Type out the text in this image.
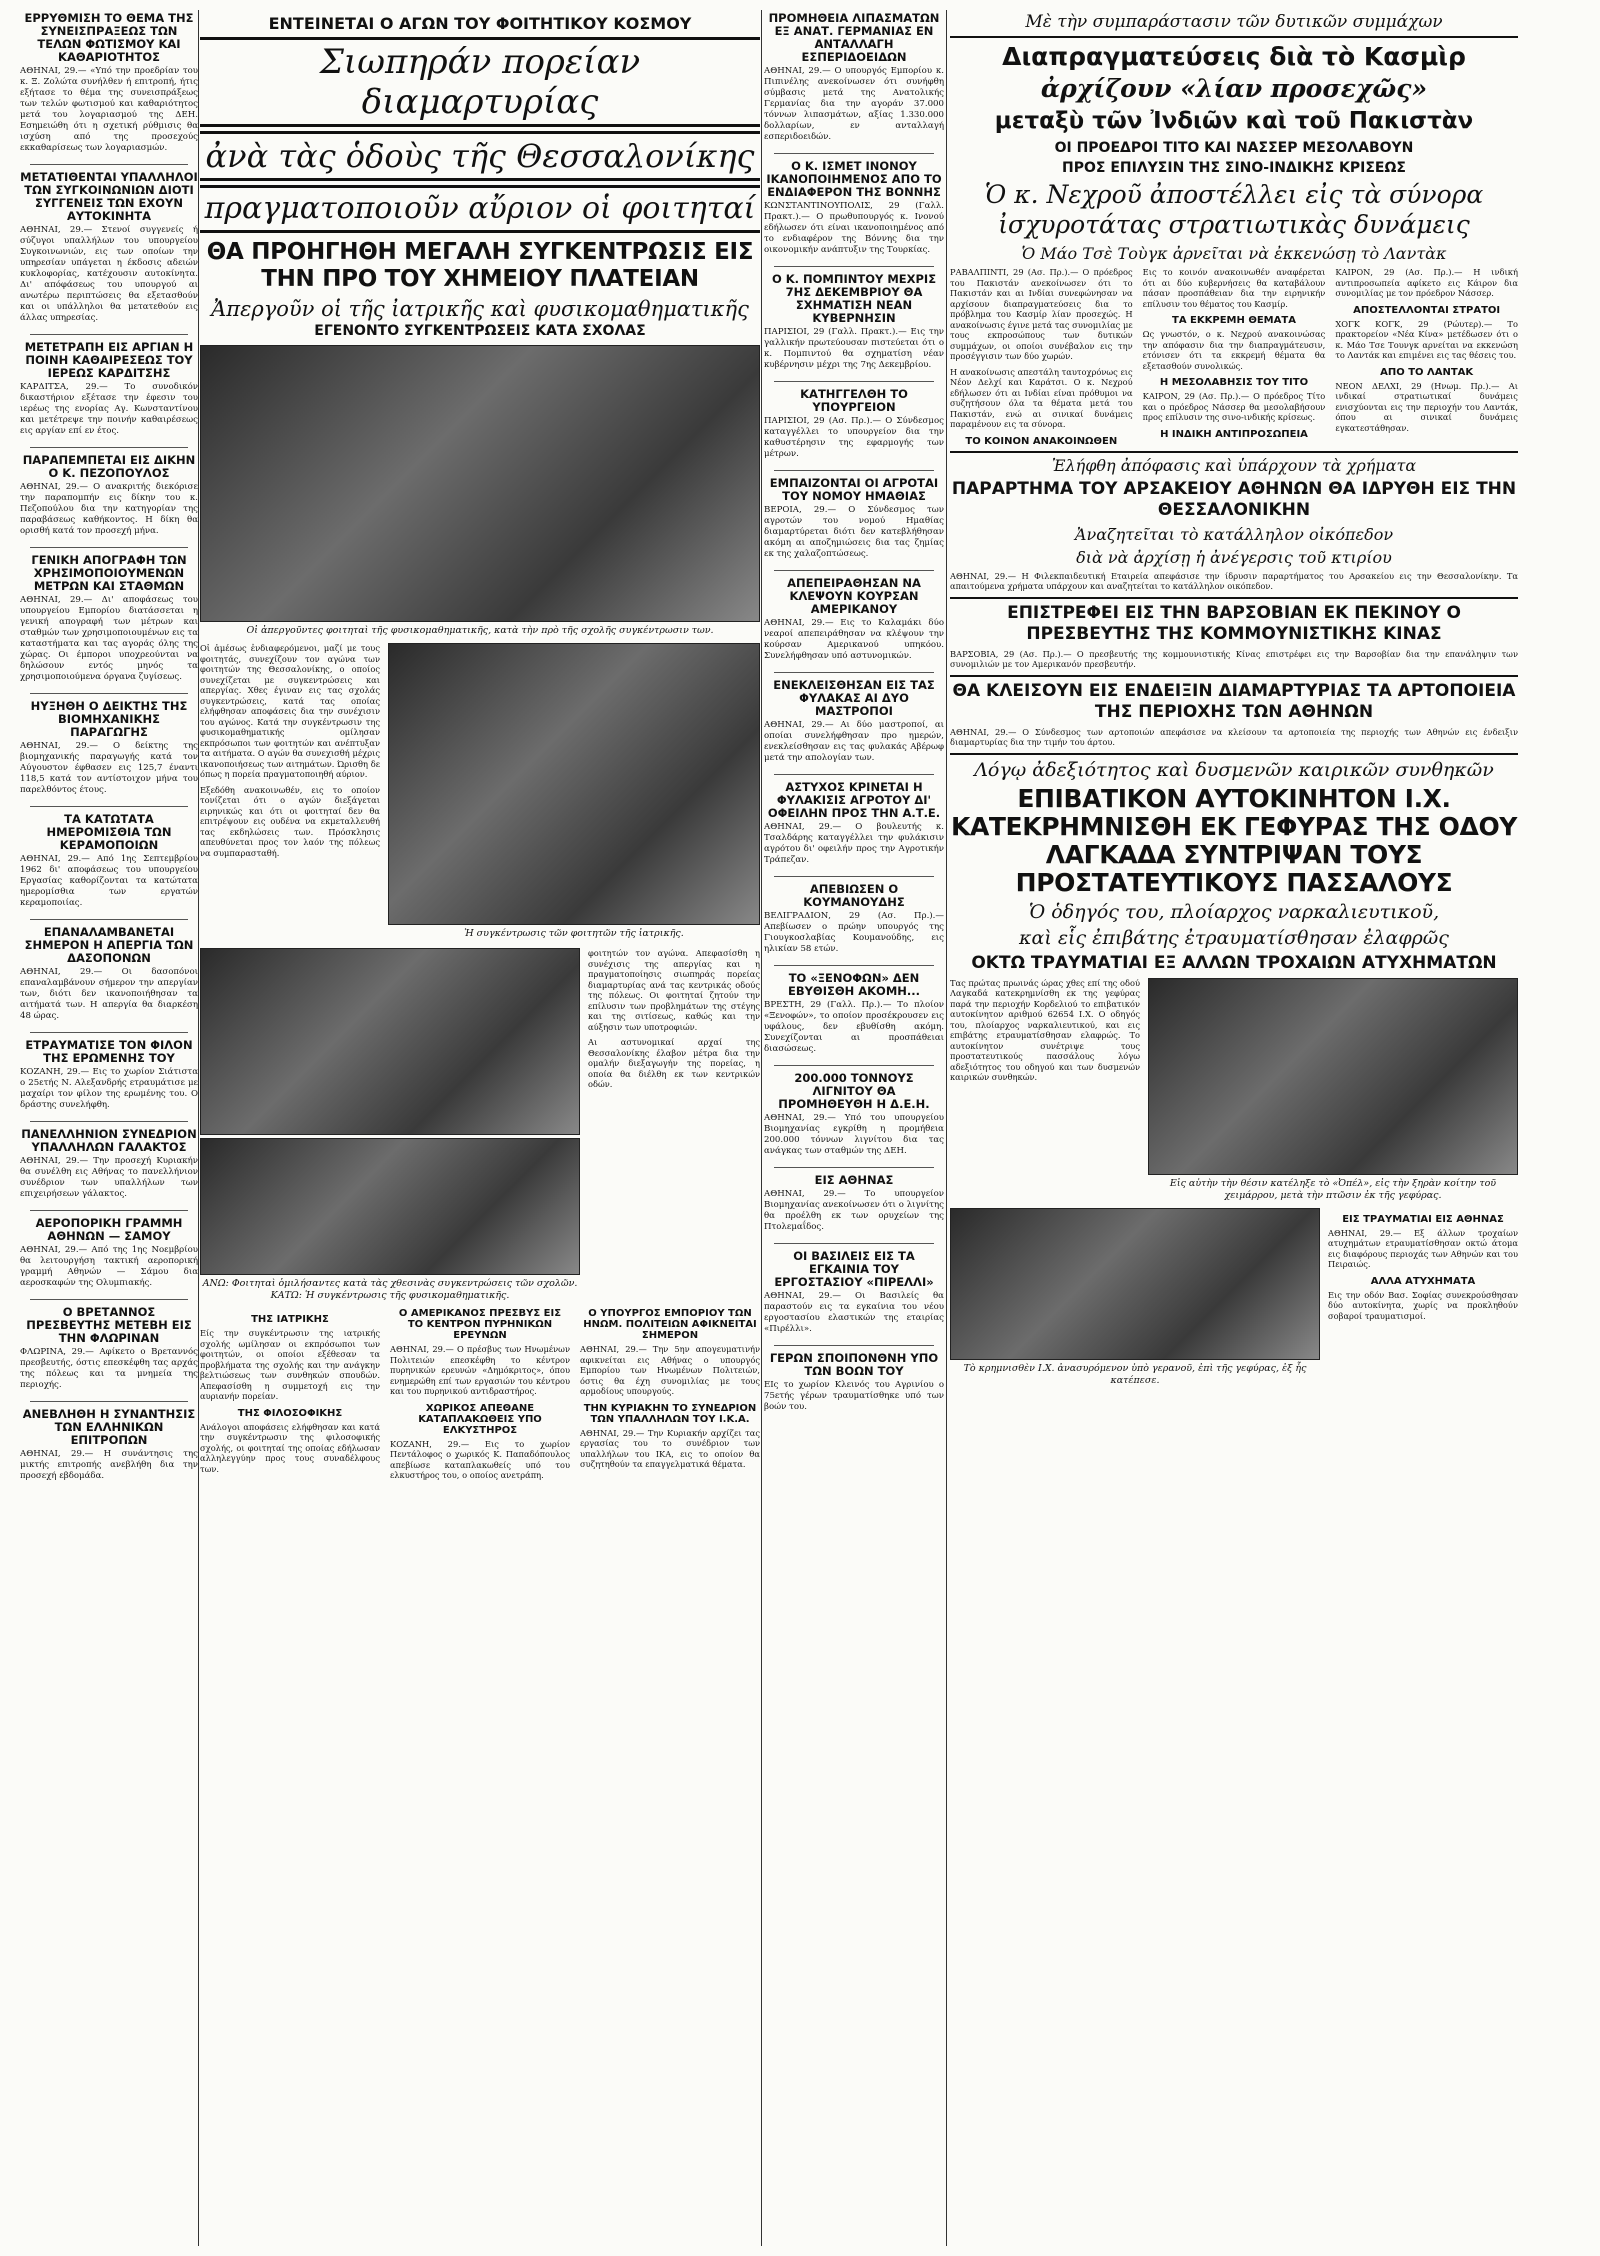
ΕΡΡΥΘΜΙΣΗ ΤΟ ΘΕΜΑ ΤΗΣ ΣΥΝΕΙΣΠΡΑΞΕΩΣ ΤΩΝ ΤΕΛΩΝ ΦΩΤΙΣΜΟΥ ΚΑΙ ΚΑΘΑΡΙΟΤΗΤΟΣ

ΑΘΗΝΑΙ, 29.— «Υπό την προεδρίαν του κ. Ξ. Ζολώτα συνήλθεν ή επιτροπή, ήτις εξήτασε το θέμα της συνεισπράξεως των τελών φωτισμού και καθαριότητος μετά του λογαριασμού της ΔΕΗ. Εσημειώθη ότι η σχετική ρύθμισις θα ισχύση από της προσεχούς εκκαθαρίσεως των λογαριασμών.

ΜΕΤΑΤΙΘΕΝΤΑΙ ΥΠΑΛΛΗΛΟΙ ΤΩΝ ΣΥΓΚΟΙΝΩΝΙΩΝ ΔΙΟΤΙ ΣΥΓΓΕΝΕΙΣ ΤΩΝ ΕΧΟΥΝ ΑΥΤΟΚΙΝΗΤΑ

ΑΘΗΝΑΙ, 29.— Στενοί συγγενείς ή σύζυγοι υπαλλήλων του υπουργείου Συγκοινωνιών, εις των οποίων την υπηρεσίαν υπάγεται η έκδοσις αδειών κυκλοφορίας, κατέχουσιν αυτοκίνητα. Δι' απόφάσεως του υπουργού αι ανωτέρω περιπτώσεις θα εξετασθούν και οι υπάλληλοι θα μετατεθούν εις άλλας υπηρεσίας.

ΜΕΤΕΤΡΑΠΗ ΕΙΣ ΑΡΓΙΑΝ Η ΠΟΙΝΗ ΚΑΘΑΙΡΕΣΕΩΣ ΤΟΥ ΙΕΡΕΩΣ ΚΑΡΔΙΤΣΗΣ

ΚΑΡΔΙΤΣΑ, 29.— Το συνοδικόν δικαστήριον εξέτασε την έφεσιν του ιερέως της ενορίας Αγ. Κωνσταντίνου και μετέτρεψε την ποινήν καθαιρέσεως εις αργίαν επί εν έτος.

ΠΑΡΑΠΕΜΠΕΤΑΙ ΕΙΣ ΔΙΚΗΝ Ο Κ. ΠΕΖΟΠΟΥΛΟΣ

ΑΘΗΝΑΙ, 29.— Ο ανακριτής διεκόρισε την παραπομπήν εις δίκην του κ. Πεζοπούλου δια την κατηγορίαν της παραβάσεως καθήκοντος. Η δίκη θα ορισθή κατά τον προσεχή μήνα.

ΓΕΝΙΚΗ ΑΠΟΓΡΑΦΗ ΤΩΝ ΧΡΗΣΙΜΟΠΟΙΟΥΜΕΝΩΝ ΜΕΤΡΩΝ ΚΑΙ ΣΤΑΘΜΩΝ

ΑΘΗΝΑΙ, 29.— Δι' αποφάσεως του υπουργείου Εμπορίου διατάσσεται η γενική απογραφή των μέτρων και σταθμών των χρησιμοποιουμένων εις τα καταστήματα και τας αγοράς όλης της χώρας. Οι έμποροι υποχρεούνται να δηλώσουν εντός μηνός τα χρησιμοποιούμενα όργανα ζυγίσεως.

ΗΥΞΗΘΗ Ο ΔΕΙΚΤΗΣ ΤΗΣ ΒΙΟΜΗΧΑΝΙΚΗΣ ΠΑΡΑΓΩΓΗΣ

ΑΘΗΝΑΙ, 29.— Ο δείκτης της βιομηχανικής παραγωγής κατά τον Αύγουστον έφθασεν εις 125,7 έναντι 118,5 κατά τον αντίστοιχον μήνα του παρελθόντος έτους.

ΤΑ ΚΑΤΩΤΑΤΑ ΗΜΕΡΟΜΙΣΘΙΑ ΤΩΝ ΚΕΡΑΜΟΠΟΙΩΝ

ΑΘΗΝΑΙ, 29.— Από 1ης Σεπτεμβρίου 1962 δι' αποφάσεως του υπουργείου Εργασίας καθορίζονται τα κατώτατα ημερομίσθια των εργατών κεραμοποιίας.

ΕΠΑΝΑΛΑΜΒΑΝΕΤΑΙ ΣΗΜΕΡΟΝ Η ΑΠΕΡΓΙΑ ΤΩΝ ΔΑΣΟΠΟΝΩΝ

ΑΘΗΝΑΙ, 29.— Οι δασοπόνοι επαναλαμβάνουν σήμερον την απεργίαν των, διότι δεν ικανοποιήθησαν τα αιτήματά των. Η απεργία θα διαρκέση 48 ώρας.

ΕΤΡΑΥΜΑΤΙΣΕ ΤΟΝ ΦΙΛΟΝ ΤΗΣ ΕΡΩΜΕΝΗΣ ΤΟΥ

ΚΟΖΑΝΗ, 29.— Εις το χωρίον Σιάτιστα ο 25ετής Ν. Αλεξανδρής ετραυμάτισε με μαχαίρι τον φίλον της ερωμένης του. Ο δράστης συνελήφθη.

ΠΑΝΕΛΛΗΝΙΟΝ ΣΥΝΕΔΡΙΟΝ ΥΠΑΛΛΗΛΩΝ ΓΑΛΑΚΤΟΣ

ΑΘΗΝΑΙ, 29.— Την προσεχή Κυριακήν θα συνέλθη εις Αθήνας το πανελλήνιον συνέδριον των υπαλλήλων των επιχειρήσεων γάλακτος.

ΑΕΡΟΠΟΡΙΚΗ ΓΡΑΜΜΗ ΑΘΗΝΩΝ — ΣΑΜΟΥ

ΑΘΗΝΑΙ, 29.— Από της 1ης Νοεμβρίου θα λειτουργήση τακτική αεροπορική γραμμή Αθηνών — Σάμου δια αεροσκαφών της Ολυμπιακής.

Ο ΒΡΕΤΑΝΝΟΣ ΠΡΕΣΒΕΥΤΗΣ ΜΕΤΕΒΗ ΕΙΣ ΤΗΝ ΦΛΩΡΙΝΑΝ

ΦΛΩΡΙΝΑ, 29.— Αφίκετο ο Βρεταννός πρεσβευτής, όστις επεσκέφθη τας αρχάς της πόλεως και τα μνημεία της περιοχής.

ΑΝΕΒΛΗΘΗ Η ΣΥΝΑΝΤΗΣΙΣ ΤΩΝ ΕΛΛΗΝΙΚΩΝ ΕΠΙΤΡΟΠΩΝ

ΑΘΗΝΑΙ, 29.— Η συνάντησις της μικτής επιτροπής ανεβλήθη δια την προσεχή εβδομάδα.

ΕΝΤΕΙΝΕΤΑΙ Ο ΑΓΩΝ ΤΟΥ ΦΟΙΤΗΤΙΚΟΥ ΚΟΣΜΟΥ
Σιωπηράν πορείαν διαμαρτυρίας
ἀνὰ τὰς ὁδοὺς τῆς Θεσσαλονίκης
πραγματοποιοῦν αὔριον οἱ φοιτηταί
ΘΑ ΠΡΟΗΓΗΘΗ ΜΕΓΑΛΗ ΣΥΓΚΕΝΤΡΩΣΙΣ ΕΙΣ ΤΗΝ ΠΡΟ ΤΟΥ ΧΗΜΕΙΟΥ ΠΛΑΤΕΙΑΝ
Ἀπεργοῦν οἱ τῆς ἰατρικῆς καὶ φυσικομαθηματικῆς
ΕΓΕΝΟΝΤΟ ΣΥΓΚΕΝΤΡΩΣΕΙΣ ΚΑΤΑ ΣΧΟΛΑΣ
Οἱ ἀπεργοῦντες φοιτηταὶ τῆς φυσικομαθηματικῆς, κατὰ τὴν πρὸ τῆς σχολῆς συγκέντρωσιν των.

Οἱ ἀμέσως ἐνδιαφερόμενοι, μαζί με τους φοιτητάς, συνεχίζουν τον αγώνα των φοιτητών της Θεσσαλονίκης, ο οποίος συνεχίζεται με συγκεντρώσεις και απεργίας. Χθες έγιναν εις τας σχολάς συγκεντρώσεις, κατά τας οποίας ελήφθησαν αποφάσεις δια την συνέχισιν του αγώνος. Κατά την συγκέντρωσιν της φυσικομαθηματικής ομίλησαν εκπρόσωποι των φοιτητών και ανέπτυξαν τα αιτήματα. Ο αγών θα συνεχισθή μέχρις ικανοποιήσεως των αιτημάτων. Ώρισθη δε όπως η πορεία πραγματοποιηθή αύριον.

Εξεδόθη ανακοινωθέν, εις το οποίον τονίζεται ότι ο αγών διεξάγεται ειρηνικώς και ότι οι φοιτηταί δεν θα επιτρέψουν εις ουδένα να εκμεταλλευθή τας εκδηλώσεις των. Πρόσκλησις απευθύνεται προς τον λαόν της πόλεως να συμπαρασταθή.

Ἡ συγκέντρωσις τῶν φοιτητῶν τῆς ἰατρικῆς.
ΑΝΩ: Φοιτηταὶ ὁμιλήσαντες κατὰ τὰς χθεσινὰς συγκεντρώσεις τῶν σχολῶν. ΚΑΤΩ: Ἡ συγκέντρωσις τῆς φυσικομαθηματικῆς.

φοιτητών τον αγώνα. Απεφασίσθη η συνέχισις της απεργίας και η πραγματοποίησις σιωπηράς πορείας διαμαρτυρίας ανά τας κεντρικάς οδούς της πόλεως. Οι φοιτηταί ζητούν την επίλυσιν των προβλημάτων της στέγης και της σιτίσεως, καθώς και την αύξησιν των υποτροφιών.

Αι αστυνομικαί αρχαί της Θεσσαλονίκης έλαβον μέτρα δια την ομαλήν διεξαγωγήν της πορείας, η οποία θα διέλθη εκ των κεντρικών οδών.

ΤΗΣ ΙΑΤΡΙΚΗΣ

Είς την συγκέντρωσιν της ιατρικής σχολής ωμίλησαν οι εκπρόσωποι των φοιτητών, οι οποίοι εξέθεσαν τα προβλήματα της σχολής και την ανάγκην βελτιώσεως των συνθηκών σπουδών. Απεφασίσθη η συμμετοχή εις την αυριανήν πορείαν.

ΤΗΣ ΦΙΛΟΣΟΦΙΚΗΣ

Ανάλογοι αποφάσεις ελήφθησαν και κατά την συγκέντρωσιν της φιλοσοφικής σχολής, οι φοιτηταί της οποίας εδήλωσαν αλληλεγγύην προς τους συναδέλφους των.

Ο ΑΜΕΡΙΚΑΝΟΣ ΠΡΕΣΒΥΣ ΕΙΣ ΤΟ ΚΕΝΤΡΟΝ ΠΥΡΗΝΙΚΩΝ ΕΡΕΥΝΩΝ

ΑΘΗΝΑΙ, 29.— Ο πρέσβυς των Ηνωμένων Πολιτειών επεσκέφθη το κέντρον πυρηνικών ερευνών «Δημόκριτος», όπου ενημερώθη επί των εργασιών του κέντρου και του πυρηνικού αντιδραστήρος.

ΧΩΡΙΚΟΣ ΑΠΕΘΑΝΕ ΚΑΤΑΠΛΑΚΩΘΕΙΣ ΥΠΟ ΕΛΚΥΣΤΗΡΟΣ

ΚΟΖΑΝΗ, 29.— Εις το χωρίον Πεντάλοφος ο χωρικός Κ. Παπαδόπουλος απεβίωσε καταπλακωθείς υπό του ελκυστήρος του, ο οποίος ανετράπη.

Ο ΥΠΟΥΡΓΟΣ ΕΜΠΟΡΙΟΥ ΤΩΝ ΗΝΩΜ. ΠΟΛΙΤΕΙΩΝ ΑΦΙΚΝΕΙΤΑΙ ΣΗΜΕΡΟΝ

ΑΘΗΝΑΙ, 29.— Την 5ην απογευματινήν αφικνείται εις Αθήνας ο υπουργός Εμπορίου των Ηνωμένων Πολιτειών, όστις θα έχη συνομιλίας με τους αρμοδίους υπουργούς.

ΤΗΝ ΚΥΡΙΑΚΗΝ ΤΟ ΣΥΝΕΔΡΙΟΝ ΤΩΝ ΥΠΑΛΛΗΛΩΝ ΤΟΥ Ι.Κ.Α.

ΑΘΗΝΑΙ, 29.— Την Κυριακήν αρχίζει τας εργασίας του το συνέδριον των υπαλλήλων του ΙΚΑ, εις το οποίον θα συζητηθούν τα επαγγελματικά θέματα.

ΠΡΟΜΗΘΕΙΑ ΛΙΠΑΣΜΑΤΩΝ ΕΞ ΑΝΑΤ. ΓΕΡΜΑΝΙΑΣ ΕΝ ΑΝΤΑΛΛΑΓΗ ΕΣΠΕΡΙΔΟΕΙΔΩΝ

ΑΘΗΝΑΙ, 29.— Ο υπουργός Εμπορίου κ. Πιπινέλης ανεκοίνωσεν ότι συνήφθη σύμβασις μετά της Ανατολικής Γερμανίας δια την αγοράν 37.000 τόννων λιπασμάτων, αξίας 1.330.000 δολλαρίων, εν ανταλλαγή εσπεριδοειδών.

Ο Κ. ΙΣΜΕΤ ΙΝΟΝΟΥ ΙΚΑΝΟΠΟΙΗΜΕΝΟΣ ΑΠΟ ΤΟ ΕΝΔΙΑΦΕΡΟΝ ΤΗΣ ΒΟΝΝΗΣ

ΚΩΝΣΤΑΝΤΙΝΟΥΠΟΛΙΣ, 29 (Γαλλ. Πρακτ.).— Ο πρωθυπουργός κ. Ινονού εδήλωσεν ότι είναι ικανοποιημένος από το ενδιαφέρον της Βόννης δια την οικονομικήν ανάπτυξιν της Τουρκίας.

Ο Κ. ΠΟΜΠΙΝΤΟΥ ΜΕΧΡΙΣ 7ΗΣ ΔΕΚΕΜΒΡΙΟΥ ΘΑ ΣΧΗΜΑΤΙΣΗ ΝΕΑΝ ΚΥΒΕΡΝΗΣΙΝ

ΠΑΡΙΣΙΟΙ, 29 (Γαλλ. Πρακτ.).— Εις την γαλλικήν πρωτεύουσαν πιστεύεται ότι ο κ. Πομπιντού θα σχηματίση νέαν κυβέρνησιν μέχρι της 7ης Δεκεμβρίου.

ΚΑΤΗΓΓΕΛΘΗ ΤΟ ΥΠΟΥΡΓΕΙΟΝ

ΠΑΡΙΣΙΟΙ, 29 (Ασ. Πρ.).— Ο Σύνδεσμος καταγγέλλει το υπουργείον δια την καθυστέρησιν της εφαρμογής των μέτρων.

ΕΜΠΑΙΖΟΝΤΑΙ ΟΙ ΑΓΡΟΤΑΙ ΤΟΥ ΝΟΜΟΥ ΗΜΑΘΙΑΣ

ΒΕΡΟΙΑ, 29.— Ο Σύνδεσμος των αγροτών του νομού Ημαθίας διαμαρτύρεται διότι δεν κατεβλήθησαν ακόμη αι αποζημιώσεις δια τας ζημίας εκ της χαλαζοπτώσεως.

ΑΠΕΠΕΙΡΑΘΗΣΑΝ ΝΑ ΚΛΕΨΟΥΝ ΚΟΥΡΣΑΝ ΑΜΕΡΙΚΑΝΟΥ

ΑΘΗΝΑΙ, 29.— Εις το Καλαμάκι δύο νεαροί απεπειράθησαν να κλέψουν την κούρσαν Αμερικανού υπηκόου. Συνελήφθησαν υπό αστυνομικών.

ΕΝΕΚΛΕΙΣΘΗΣΑΝ ΕΙΣ ΤΑΣ ΦΥΛΑΚΑΣ ΑΙ ΔΥΟ ΜΑΣΤΡΟΠΟΙ

ΑΘΗΝΑΙ, 29.— Αι δύο μαστροποί, αι οποίαι συνελήφθησαν προ ημερών, ενεκλείσθησαν εις τας φυλακάς Αβέρωφ μετά την απολογίαν των.

ΑΣΤΥΧΟΣ ΚΡΙΝΕΤΑΙ Η ΦΥΛΑΚΙΣΙΣ ΑΓΡΟΤΟΥ ΔΙ' ΟΦΕΙΛΗΝ ΠΡΟΣ ΤΗΝ Α.Τ.Ε.

ΑΘΗΝΑΙ, 29.— Ο βουλευτής κ. Τσαλδάρης καταγγέλλει την φυλάκισιν αγρότου δι' οφειλήν προς την Αγροτικήν Τράπεζαν.

ΑΠΕΒΙΩΣΕΝ Ο ΚΟΥΜΑΝΟΥΔΗΣ

ΒΕΛΙΓΡΑΔΙΟΝ, 29 (Ασ. Πρ.).— Απεβίωσεν ο πρώην υπουργός της Γιουγκοσλαβίας Κουμανούδης, εις ηλικίαν 58 ετών.

ΤΟ «ΞΕΝΟΦΩΝ» ΔΕΝ ΕΒΥΘΙΣΘΗ ΑΚΟΜΗ...

ΒΡΕΣΤΗ, 29 (Γαλλ. Πρ.).— Το πλοίον «Ξενοφών», το οποίον προσέκρουσεν εις υφάλους, δεν εβυθίσθη ακόμη. Συνεχίζονται αι προσπάθειαι διασώσεως.

200.000 ΤΟΝΝΟΥΣ ΛΙΓΝΙΤΟΥ ΘΑ ΠΡΟΜΗΘΕΥΘΗ Η Δ.Ε.Η.

ΑΘΗΝΑΙ, 29.— Υπό του υπουργείου Βιομηχανίας εγκρίθη η προμήθεια 200.000 τόννων λιγνίτου δια τας ανάγκας των σταθμών της ΔΕΗ.

ΕΙΣ ΑΘΗΝΑΣ

ΑΘΗΝΑΙ, 29.— Το υπουργείον Βιομηχανίας ανεκοίνωσεν ότι ο λιγνίτης θα προέλθη εκ των ορυχείων της Πτολεμαΐδος.

ΟΙ ΒΑΣΙΛΕΙΣ ΕΙΣ ΤΑ ΕΓΚΑΙΝΙΑ ΤΟΥ ΕΡΓΟΣΤΑΣΙΟΥ «ΠΙΡΕΛΛΙ»

ΑΘΗΝΑΙ, 29.— Οι Βασιλείς θα παραστούν εις τα εγκαίνια του νέου εργοστασίου ελαστικών της εταιρίας «Πιρέλλι».

ΓΕΡΩΝ ΣΠΟΙΠΟΝΘΝΗ ΥΠΟ ΤΩΝ ΒΟΩΝ ΤΟΥ

ΕΙς το χωρίον Κλεινός του Αγρινίου ο 75ετής γέρων τραυματίσθηκε υπό των βοών του.

Μὲ τὴν συμπαράστασιν τῶν δυτικῶν συμμάχων
Διαπραγματεύσεις διὰ τὸ Κασμὶρ
ἀρχίζουν «λίαν προσεχῶς»
μεταξὺ τῶν Ἰνδιῶν καὶ τοῦ Πακιστὰν
ΟΙ ΠΡΟΕΔΡΟΙ ΤΙΤΟ ΚΑΙ ΝΑΣΣΕΡ ΜΕΣΟΛΑΒΟΥΝ
ΠΡΟΣ ΕΠΙΛΥΣΙΝ ΤΗΣ ΣΙΝΟ-ΙΝΔΙΚΗΣ ΚΡΙΣΕΩΣ
Ὁ κ. Νεχροῦ ἀποστέλλει εἰς τὰ σύνορα ἰσχυροτάτας στρατιωτικὰς δυνάμεις
Ὁ Μάο Τσὲ Τοὺγκ ἀρνεῖται νὰ ἐκκενώσῃ τὸ Λαντὰκ

ΡΑΒΑΛΠΙΝΤΙ, 29 (Ασ. Πρ.).— Ο πρόεδρος του Πακιστάν ανεκοίνωσεν ότι το Πακιστάν και αι Ινδίαι συνεφώνησαν να αρχίσουν διαπραγματεύσεις δια το πρόβλημα του Κασμίρ λίαν προσεχώς. Η ανακοίνωσις έγινε μετά τας συνομιλίας με τους εκπροσώπους των δυτικών συμμάχων, οι οποίοι συνέβαλον εις την προσέγγισιν των δύο χωρών.

Η ανακοίνωσις απεστάλη ταυτοχρόνως εις Νέον Δελχί και Καράτσι. Ο κ. Νεχρού εδήλωσεν ότι αι Ινδίαι είναι πρόθυμοι να συζητήσουν όλα τα θέματα μετά του Πακιστάν, ενώ αι σινικαί δυνάμεις παραμένουν εις τα σύνορα.

ΤΟ ΚΟΙΝΟΝ ΑΝΑΚΟΙΝΩΘΕΝ

Εις το κοινόν ανακοινωθέν αναφέρεται ότι αι δύο κυβερνήσεις θα καταβάλουν πάσαν προσπάθειαν δια την ειρηνικήν επίλυσιν του θέματος του Κασμίρ.

ΤΑ ΕΚΚΡΕΜΗ ΘΕΜΑΤΑ

Ως γνωστόν, ο κ. Νεχρού ανακοινώσας την απόφασιν δια την διαπραγμάτευσιν, ετόνισεν ότι τα εκκρεμή θέματα θα εξετασθούν συνολικώς.

Η ΜΕΣΟΛΑΒΗΣΙΣ ΤΟΥ ΤΙΤΟ

ΚΑΙΡΟΝ, 29 (Ασ. Πρ.).— Ο πρόεδρος Τίτο και ο πρόεδρος Νάσσερ θα μεσολαβήσουν προς επίλυσιν της σινο-ινδικής κρίσεως.

Η ΙΝΔΙΚΗ ΑΝΤΙΠΡΟΣΩΠΕΙΑ

ΚΑΙΡΟΝ, 29 (Ασ. Πρ.).— Η ινδική αντιπροσωπεία αφίκετο εις Κάιρον δια συνομιλίας με τον πρόεδρον Νάσσερ.

ΑΠΟΣΤΕΛΛΟΝΤΑΙ ΣΤΡΑΤΟΙ

ΧΟΓΚ ΚΟΓΚ, 29 (Ρώυτερ).— Το πρακτορείον «Νέα Κίνα» μετέδωσεν ότι ο κ. Μάο Τσε Τουνγκ αρνείται να εκκενώση το Λαντάκ και επιμένει εις τας θέσεις του.

ΑΠΟ ΤΟ ΛΑΝΤΑΚ

ΝΕΟΝ ΔΕΛΧΙ, 29 (Ηνωμ. Πρ.).— Αι ινδικαί στρατιωτικαί δυνάμεις ενισχύονται εις την περιοχήν του Λαντάκ, όπου αι σινικαί δυνάμεις εγκατεστάθησαν.

Ἐλήφθη ἀπόφασις καὶ ὑπάρχουν τὰ χρήματα
ΠΑΡΑΡΤΗΜΑ ΤΟΥ ΑΡΣΑΚΕΙΟΥ ΑΘΗΝΩΝ ΘΑ ΙΔΡΥΘΗ ΕΙΣ ΤΗΝ ΘΕΣΣΑΛΟΝΙΚΗΝ
Ἀναζητεῖται τὸ κατάλληλον οἰκόπεδον
διὰ νὰ ἀρχίσῃ ἡ ἀνέγερσις τοῦ κτιρίου

ΑΘΗΝΑΙ, 29.— Η Φιλεκπαιδευτική Εταιρεία απεφάσισε την ίδρυσιν παραρτήματος του Αρσακείου εις την Θεσσαλονίκην. Τα απαιτούμενα χρήματα υπάρχουν και αναζητείται το κατάλληλον οικόπεδον.

ΕΠΙΣΤΡΕΦΕΙ ΕΙΣ ΤΗΝ ΒΑΡΣΟΒΙΑΝ ΕΚ ΠΕΚΙΝΟΥ Ο ΠΡΕΣΒΕΥΤΗΣ ΤΗΣ ΚΟΜΜΟΥΝΙΣΤΙΚΗΣ ΚΙΝΑΣ

ΒΑΡΣΟΒΙΑ, 29 (Ασ. Πρ.).— Ο πρεσβευτής της κομμουνιστικής Κίνας επιστρέφει εις την Βαρσοβίαν δια την επανάληψιν των συνομιλιών με τον Αμερικανόν πρεσβευτήν.

ΘΑ ΚΛΕΙΣΟΥΝ ΕΙΣ ΕΝΔΕΙΞΙΝ ΔΙΑΜΑΡΤΥΡΙΑΣ ΤΑ ΑΡΤΟΠΟΙΕΙΑ ΤΗΣ ΠΕΡΙΟΧΗΣ ΤΩΝ ΑΘΗΝΩΝ

ΑΘΗΝΑΙ, 29.— Ο Σύνδεσμος των αρτοποιών απεφάσισε να κλείσουν τα αρτοποιεία της περιοχής των Αθηνών εις ένδειξιν διαμαρτυρίας δια την τιμήν του άρτου.

Λόγῳ ἀδεξιότητος καὶ δυσμενῶν καιρικῶν συνθηκῶν
ΕΠΙΒΑΤΙΚΟΝ ΑΥΤΟΚΙΝΗΤΟΝ Ι.Χ. ΚΑΤΕΚΡΗΜΝΙΣΘΗ ΕΚ ΓΕΦΥΡΑΣ ΤΗΣ ΟΔΟΥ ΛΑΓΚΑΔΑ ΣΥΝΤΡΙΨΑΝ ΤΟΥΣ ΠΡΟΣΤΑΤΕΥΤΙΚΟΥΣ ΠΑΣΣΑΛΟΥΣ
Ὁ ὁδηγός του, πλοίαρχος ναρκαλιευτικοῦ,
καὶ εἷς ἐπιβάτης ἐτραυματίσθησαν ἐλαφρῶς
ΟΚΤΩ ΤΡΑΥΜΑΤΙΑΙ ΕΞ ΑΛΛΩΝ ΤΡΟΧΑΙΩΝ ΑΤΥΧΗΜΑΤΩΝ

Τας πρώτας πρωινάς ώρας χθες επί της οδού Λαγκαδά κατεκρημνίσθη εκ της γεφύρας παρά την περιοχήν Κορδελιού το επιβατικόν αυτοκίνητον αριθμού 62654 Ι.Χ. Ο οδηγός του, πλοίαρχος ναρκαλιευτικού, και εις επιβάτης ετραυματίσθησαν ελαφρώς. Το αυτοκίνητον συνέτριψε τους προστατευτικούς πασσάλους λόγω αδεξιότητος του οδηγού και των δυσμενών καιρικών συνθηκών.

Εἰς αὐτὴν τὴν θέσιν κατέληξε τὸ «Ὀπέλ», εἰς τὴν ξηρὰν κοίτην τοῦ χειμάρρου, μετὰ τὴν πτῶσιν ἐκ τῆς γεφύρας.
Τὸ κρημνισθὲν Ι.Χ. ἀνασυρόμενον ὑπὸ γερανοῦ, ἐπὶ τῆς γεφύρας, ἐξ ἧς κατέπεσε.
ΕΙΣ ΤΡΑΥΜΑΤΙΑΙ ΕΙΣ ΑΘΗΝΑΣ

ΑΘΗΝΑΙ, 29.— Εξ άλλων τροχαίων ατυχημάτων ετραυματίσθησαν οκτώ άτομα εις διαφόρους περιοχάς των Αθηνών και του Πειραιώς.

ΑΛΛΑ ΑΤΥΧΗΜΑΤΑ

Εις την οδόν Βασ. Σοφίας συνεκρούσθησαν δύο αυτοκίνητα, χωρίς να προκληθούν σοβαροί τραυματισμοί.
